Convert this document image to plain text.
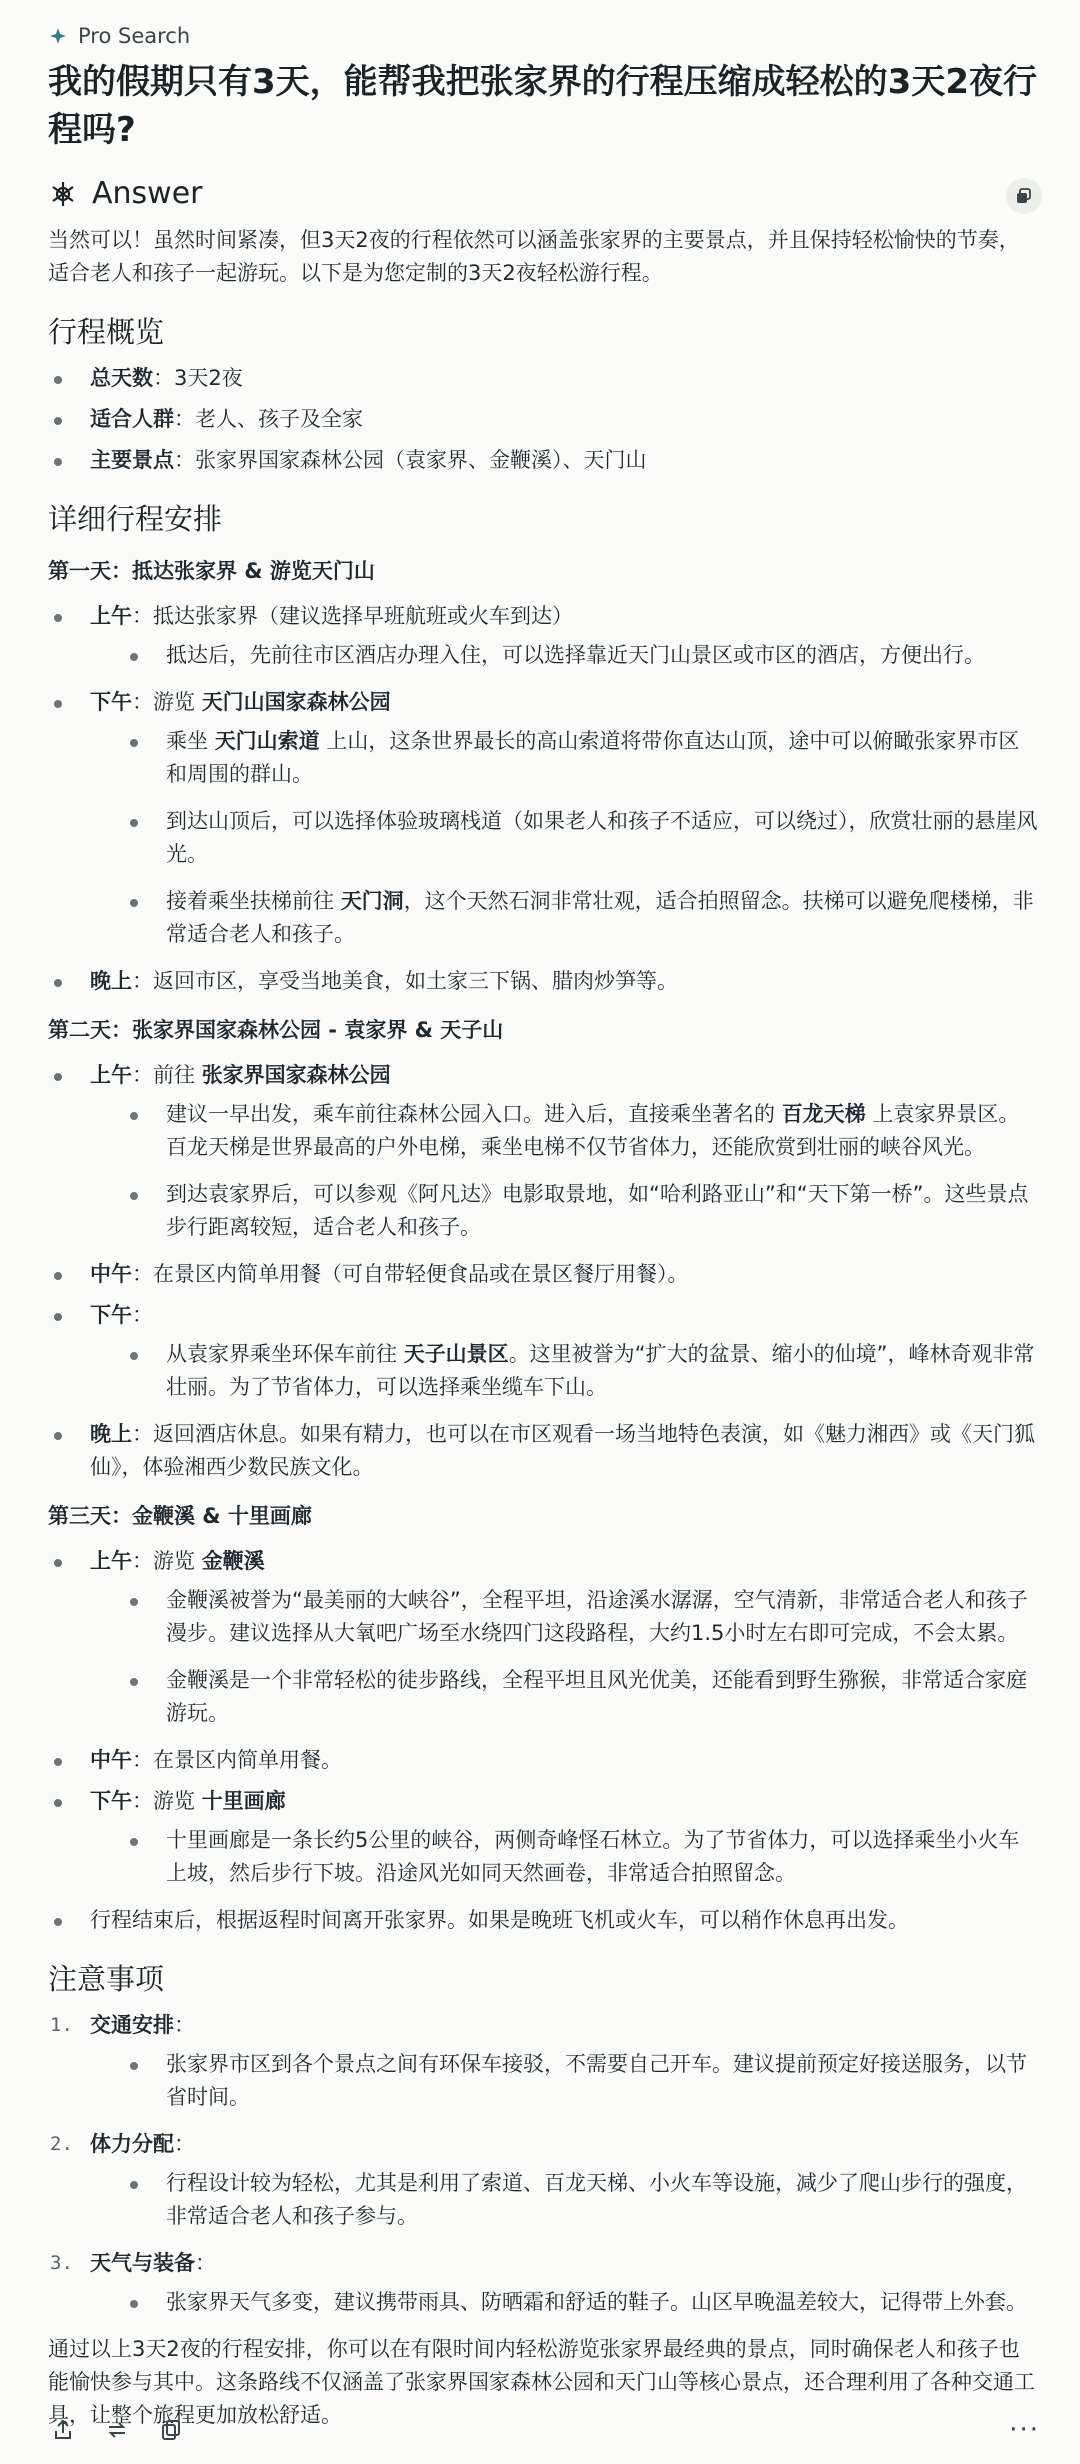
Pro Search
我的假期只有3天，能帮我把张家界的行程压缩成轻松的3天2夜行程吗?
Answer

当然可以！虽然时间紧凑，但3天2夜的行程依然可以涵盖张家界的主要景点，并且保持轻松愉快的节奏，适合老人和孩子一起游玩。以下是为您定制的3天2夜轻松游行程。

行程概览
总天数：3天2夜
适合人群：老人、孩子及全家
主要景点：张家界国家森林公园（袁家界、金鞭溪）、天门山
详细行程安排
第一天：抵达张家界 & 游览天门山
上午：抵达张家界（建议选择早班航班或火车到达）
抵达后，先前往市区酒店办理入住，可以选择靠近天门山景区或市区的酒店，方便出行。
下午：游览 天门山国家森林公园
乘坐 天门山索道 上山，这条世界最长的高山索道将带你直达山顶，途中可以俯瞰张家界市区和周围的群山。
到达山顶后，可以选择体验玻璃栈道（如果老人和孩子不适应，可以绕过），欣赏壮丽的悬崖风光。
接着乘坐扶梯前往 天门洞，这个天然石洞非常壮观，适合拍照留念。扶梯可以避免爬楼梯，非常适合老人和孩子。
晚上：返回市区，享受当地美食，如土家三下锅、腊肉炒笋等。
第二天：张家界国家森林公园 - 袁家界 & 天子山
上午：前往 张家界国家森林公园
建议一早出发，乘车前往森林公园入口。进入后，直接乘坐著名的 百龙天梯 上袁家界景区。百龙天梯是世界最高的户外电梯，乘坐电梯不仅节省体力，还能欣赏到壮丽的峡谷风光。
到达袁家界后，可以参观《阿凡达》电影取景地，如“哈利路亚山”和“天下第一桥”。这些景点步行距离较短，适合老人和孩子。
中午：在景区内简单用餐（可自带轻便食品或在景区餐厅用餐）。
下午：
从袁家界乘坐环保车前往 天子山景区。这里被誉为“扩大的盆景、缩小的仙境”，峰林奇观非常壮丽。为了节省体力，可以选择乘坐缆车下山。
晚上：返回酒店休息。如果有精力，也可以在市区观看一场当地特色表演，如《魅力湘西》或《天门狐仙》，体验湘西少数民族文化。
第三天：金鞭溪 & 十里画廊
上午：游览 金鞭溪
金鞭溪被誉为“最美丽的大峡谷”，全程平坦，沿途溪水潺潺，空气清新，非常适合老人和孩子漫步。建议选择从大氧吧广场至水绕四门这段路程，大约1.5小时左右即可完成，不会太累。
金鞭溪是一个非常轻松的徒步路线，全程平坦且风光优美，还能看到野生猕猴，非常适合家庭游玩。
中午：在景区内简单用餐。
下午：游览 十里画廊
十里画廊是一条长约5公里的峡谷，两侧奇峰怪石林立。为了节省体力，可以选择乘坐小火车上坡，然后步行下坡。沿途风光如同天然画卷，非常适合拍照留念。
行程结束后，根据返程时间离开张家界。如果是晚班飞机或火车，可以稍作休息再出发。
注意事项
1. 交通安排：
张家界市区到各个景点之间有环保车接驳，不需要自己开车。建议提前预定好接送服务，以节省时间。
2. 体力分配：
行程设计较为轻松，尤其是利用了索道、百龙天梯、小火车等设施，减少了爬山步行的强度，非常适合老人和孩子参与。
3. 天气与装备：
张家界天气多变，建议携带雨具、防晒霜和舒适的鞋子。山区早晚温差较大，记得带上外套。

通过以上3天2夜的行程安排，你可以在有限时间内轻松游览张家界最经典的景点，同时确保老人和孩子也能愉快参与其中。这条路线不仅涵盖了张家界国家森林公园和天门山等核心景点，还合理利用了各种交通工具，让整个旅程更加放松舒适。	···
